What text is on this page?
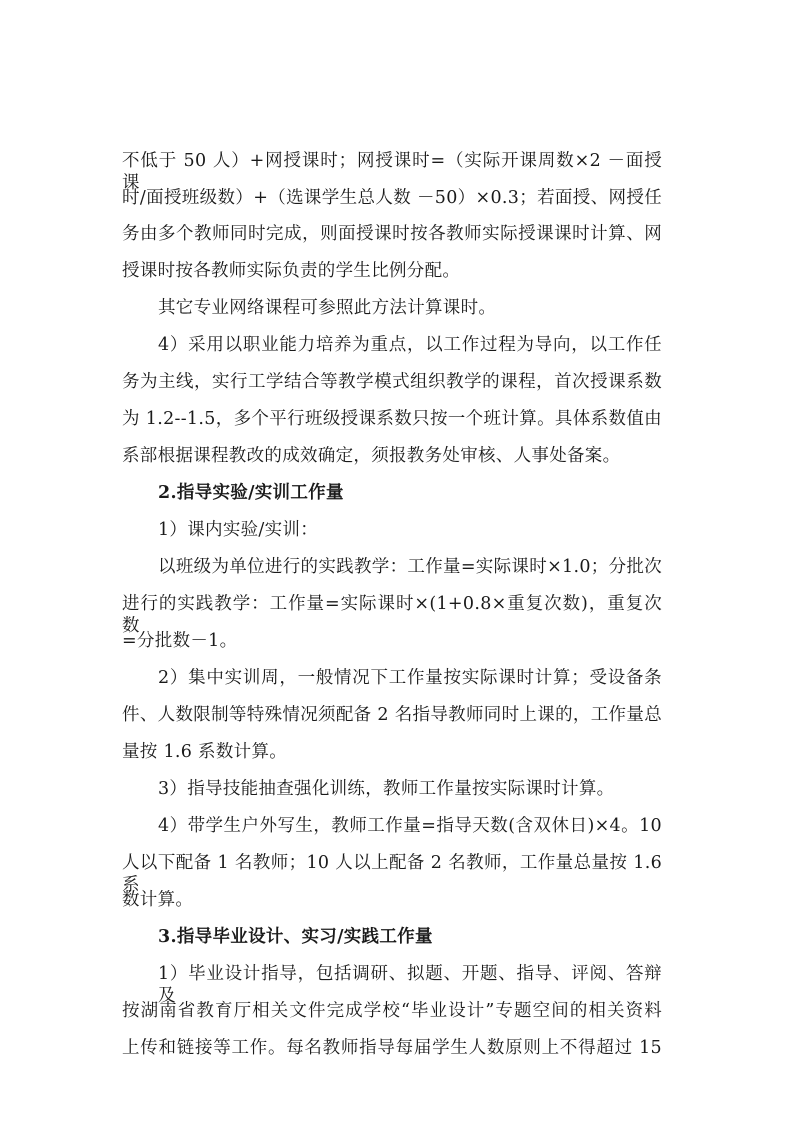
不低于 50 人）+网授课时；网授课时=（实际开课周数×2 －面授课
时/面授班级数）+（选课学生总人数 －50）×0.3；若面授、网授任
务由多个教师同时完成，则面授课时按各教师实际授课课时计算、网
授课时按各教师实际负责的学生比例分配。
其它专业网络课程可参照此方法计算课时。
4）采用以职业能力培养为重点，以工作过程为导向，以工作任
务为主线，实行工学结合等教学模式组织教学的课程，首次授课系数
为 1.2--1.5，多个平行班级授课系数只按一个班计算。具体系数值由
系部根据课程教改的成效确定，须报教务处审核、人事处备案。
2.指导实验/实训工作量
1）课内实验/实训：
以班级为单位进行的实践教学：工作量=实际课时×1.0；分批次
进行的实践教学：工作量=实际课时×(1+0.8×重复次数)，重复次数
=分批数－1。
2）集中实训周，一般情况下工作量按实际课时计算；受设备条
件、人数限制等特殊情况须配备 2 名指导教师同时上课的，工作量总
量按 1.6 系数计算。
3）指导技能抽查强化训练，教师工作量按实际课时计算。
4）带学生户外写生，教师工作量=指导天数(含双休日)×4。10
人以下配备 1 名教师；10 人以上配备 2 名教师，工作量总量按 1.6 系
数计算。
3.指导毕业设计、实习/实践工作量
1）毕业设计指导，包括调研、拟题、开题、指导、评阅、答辩及
按湖南省教育厅相关文件完成学校“毕业设计”专题空间的相关资料
上传和链接等工作。每名教师指导每届学生人数原则上不得超过 15
